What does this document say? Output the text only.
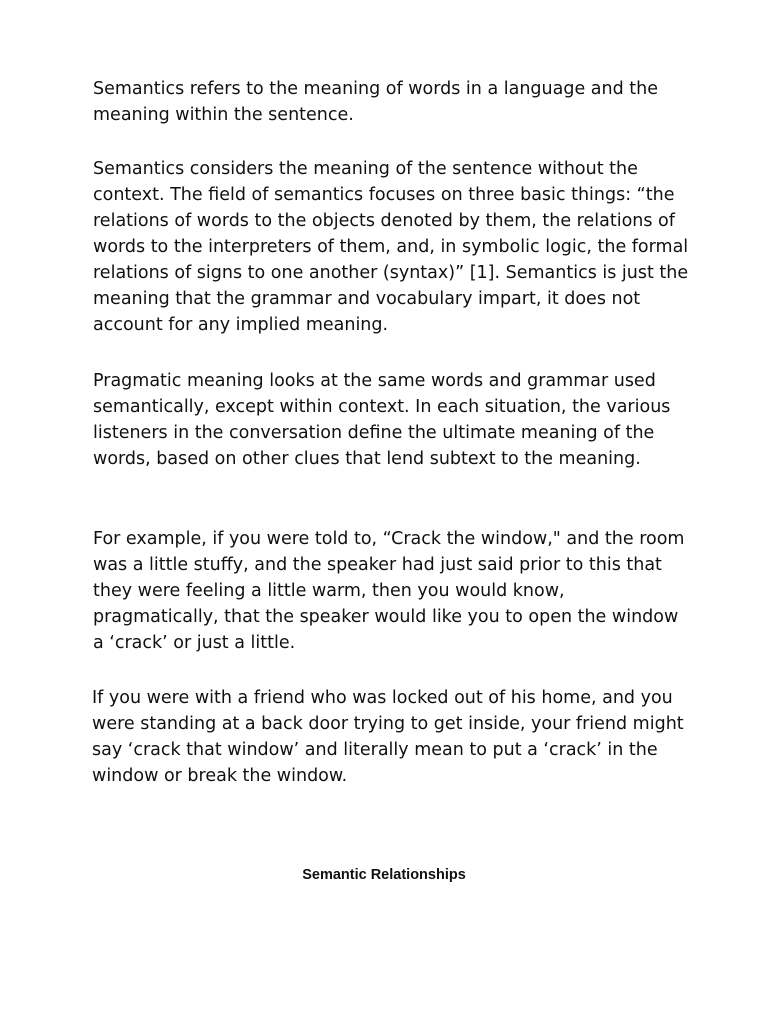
Semantics refers to the meaning of words in a language and the meaning within the sentence.

Semantics considers the meaning of the sentence without the context. The field of semantics focuses on three basic things: “the relations of words to the objects denoted by them, the relations of words to the interpreters of them, and, in symbolic logic, the formal relations of signs to one another (syntax)” [1]. Semantics is just the meaning that the grammar and vocabulary impart, it does not account for any implied meaning.

Pragmatic meaning looks at the same words and grammar used semantically, except within context. In each situation, the various listeners in the conversation define the ultimate meaning of the words, based on other clues that lend subtext to the meaning.

For example, if you were told to, “Crack the window," and the room was a little stuffy, and the speaker had just said prior to this that they were feeling a little warm, then you would know, pragmatically, that the speaker would like you to open the window a ‘crack’ or just a little.

If you were with a friend who was locked out of his home, and you were standing at a back door trying to get inside, your friend might say ‘crack that window’ and literally mean to put a ‘crack’ in the window or break the window.

Semantic Relationships
